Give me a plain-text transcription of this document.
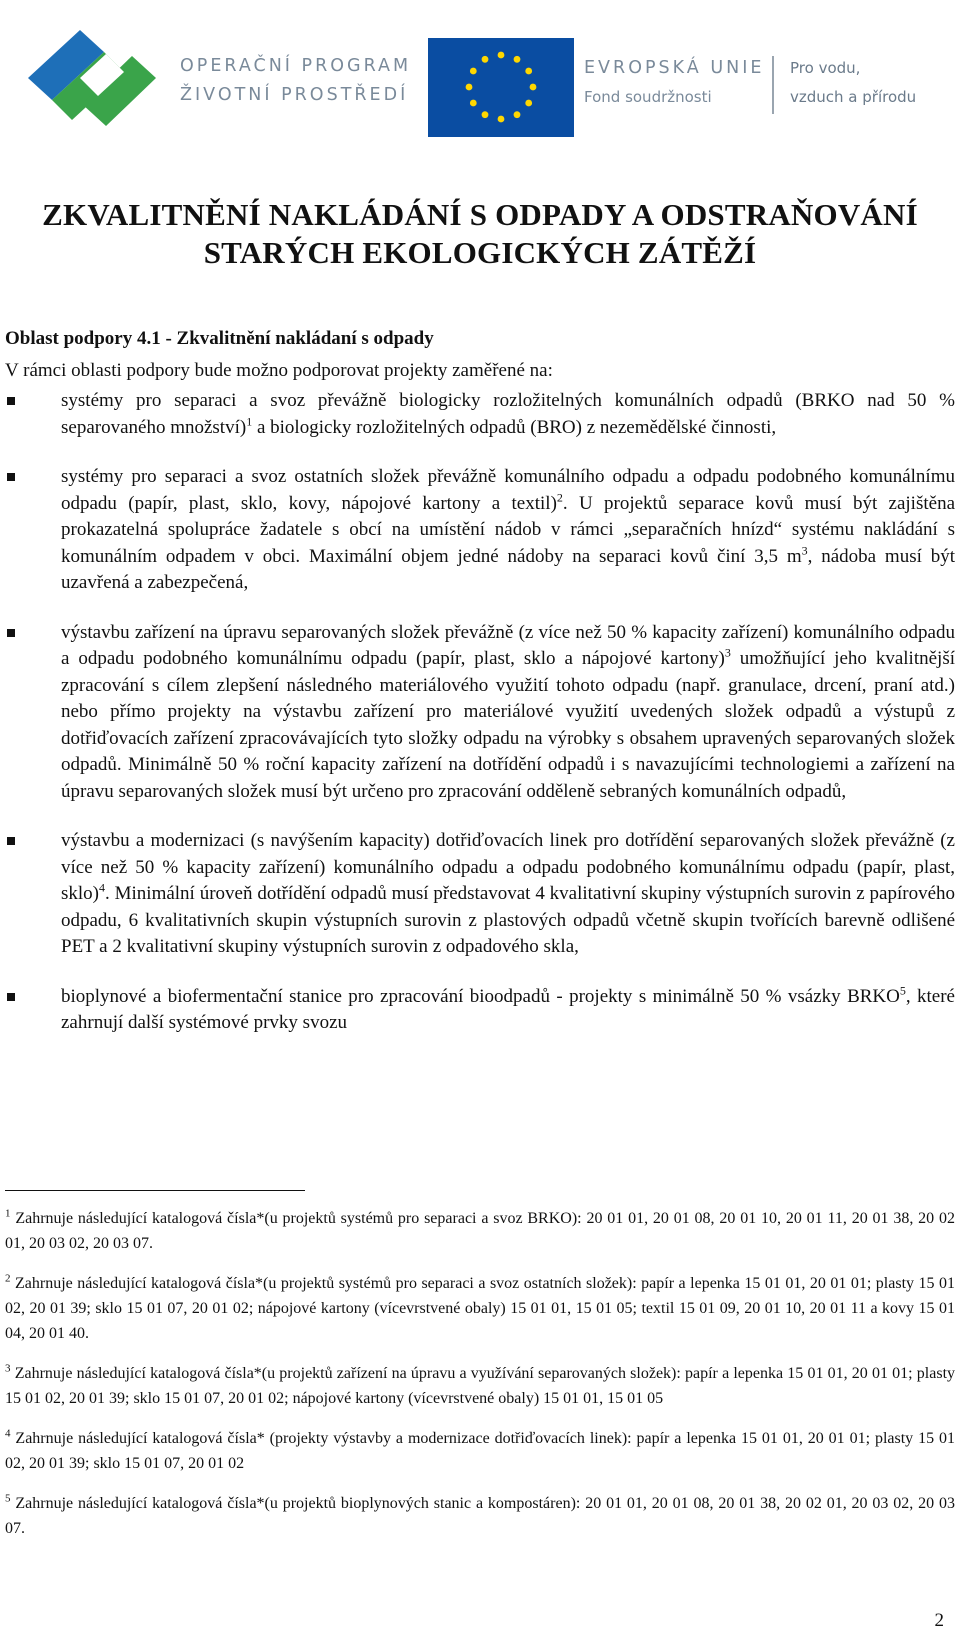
OPERAČNÍ PROGRAM
ŽIVOTNÍ PROSTŘEDÍ
EVROPSKÁ UNIE
Fond soudržnosti
Pro vodu,
vzduch a přírodu
ZKVALITNĚNÍ NAKLÁDÁNÍ S ODPADY A ODSTRAŇOVÁNÍ
STARÝCH EKOLOGICKÝCH ZÁTĚŽÍ
Oblast podpory 4.1 - Zkvalitnění nakládaní s odpady
V rámci oblasti podpory bude možno podporovat projekty zaměřené na:
systémy pro separaci a svoz převážně biologicky rozložitelných komunálních odpadů (BRKO nad 50 % separovaného množství)$^1$ a biologicky rozložitelných odpadů (BRO) z nezemědělské činnosti,
systémy pro separaci a svoz ostatních složek převážně komunálního odpadu a odpadu podobného komunálnímu odpadu (papír, plast, sklo, kovy, nápojové kartony a textil)$^2$. U projektů separace kovů musí být zajištěna prokazatelná spolupráce žadatele s obcí na umístění nádob v rámci „separačních hnízd“ systému nakládání s komunálním odpadem v obci. Maximální objem jedné nádoby na separaci kovů činí 3,5 $m^3$, nádoba musí být uzavřená a zabezpečená,
výstavbu zařízení na úpravu separovaných složek převážně (z více než 50 % kapacity zařízení) komunálního odpadu a odpadu podobného komunálnímu odpadu (papír, plast, sklo a nápojové kartony)$^3$ umožňující jeho kvalitnější zpracování s cílem zlepšení následného materiálového využití tohoto odpadu (např. granulace, drcení, praní atd.) nebo přímo projekty na výstavbu zařízení pro materiálové využití uvedených složek odpadů a výstupů z dotřiďovacích zařízení zpracovávajících tyto složky odpadu na výrobky s obsahem upravených separovaných složek odpadů. Minimálně 50 % roční kapacity zařízení na dotřídění odpadů i s navazujícími technologiemi a zařízení na úpravu separovaných složek musí být určeno pro zpracování odděleně sebraných komunálních odpadů,
výstavbu a modernizaci (s navýšením kapacity) dotřiďovacích linek pro dotřídění separovaných složek převážně (z více než 50 % kapacity zařízení) komunálního odpadu a odpadu podobného komunálnímu odpadu (papír, plast, sklo)$^4$. Minimální úroveň dotřídění odpadů musí představovat 4 kvalitativní skupiny výstupních surovin z papírového odpadu, 6 kvalitativních skupin výstupních surovin z plastových odpadů včetně skupin tvořících barevně odlišené PET a 2 kvalitativní skupiny výstupních surovin z odpadového skla,
bioplynové a biofermentační stanice pro zpracování bioodpadů - projekty s minimálně 50 % vsázky BRKO$^5$, které zahrnují další systémové prvky svozu
$^1$ Zahrnuje následující katalogová čísla*(u projektů systémů pro separaci a svoz BRKO): 20 01 01, 20 01 08, 20 01 10, 20 01 11, 20 01 38, 20 02 01, 20 03 02, 20 03 07.
$^2$ Zahrnuje následující katalogová čísla*(u projektů systémů pro separaci a svoz ostatních složek): papír a lepenka 15 01 01, 20 01 01; plasty 15 01 02, 20 01 39; sklo 15 01 07, 20 01 02; nápojové kartony (vícevrstvené obaly) 15 01 01, 15 01 05; textil 15 01 09, 20 01 10, 20 01 11 a kovy 15 01 04, 20 01 40.
$^3$ Zahrnuje následující katalogová čísla*(u projektů zařízení na úpravu a využívání separovaných složek): papír a lepenka 15 01 01, 20 01 01; plasty 15 01 02, 20 01 39; sklo 15 01 07, 20 01 02; nápojové kartony (vícevrstvené obaly) 15 01 01, 15 01 05
$^4$ Zahrnuje následující katalogová čísla* (projekty výstavby a modernizace dotřiďovacích linek): papír a lepenka 15 01 01, 20 01 01; plasty 15 01 02, 20 01 39; sklo 15 01 07, 20 01 02
$^5$ Zahrnuje následující katalogová čísla*(u projektů bioplynových stanic a kompostáren): 20 01 01, 20 01 08, 20 01 38, 20 02 01, 20 03 02, 20 03 07.
2
